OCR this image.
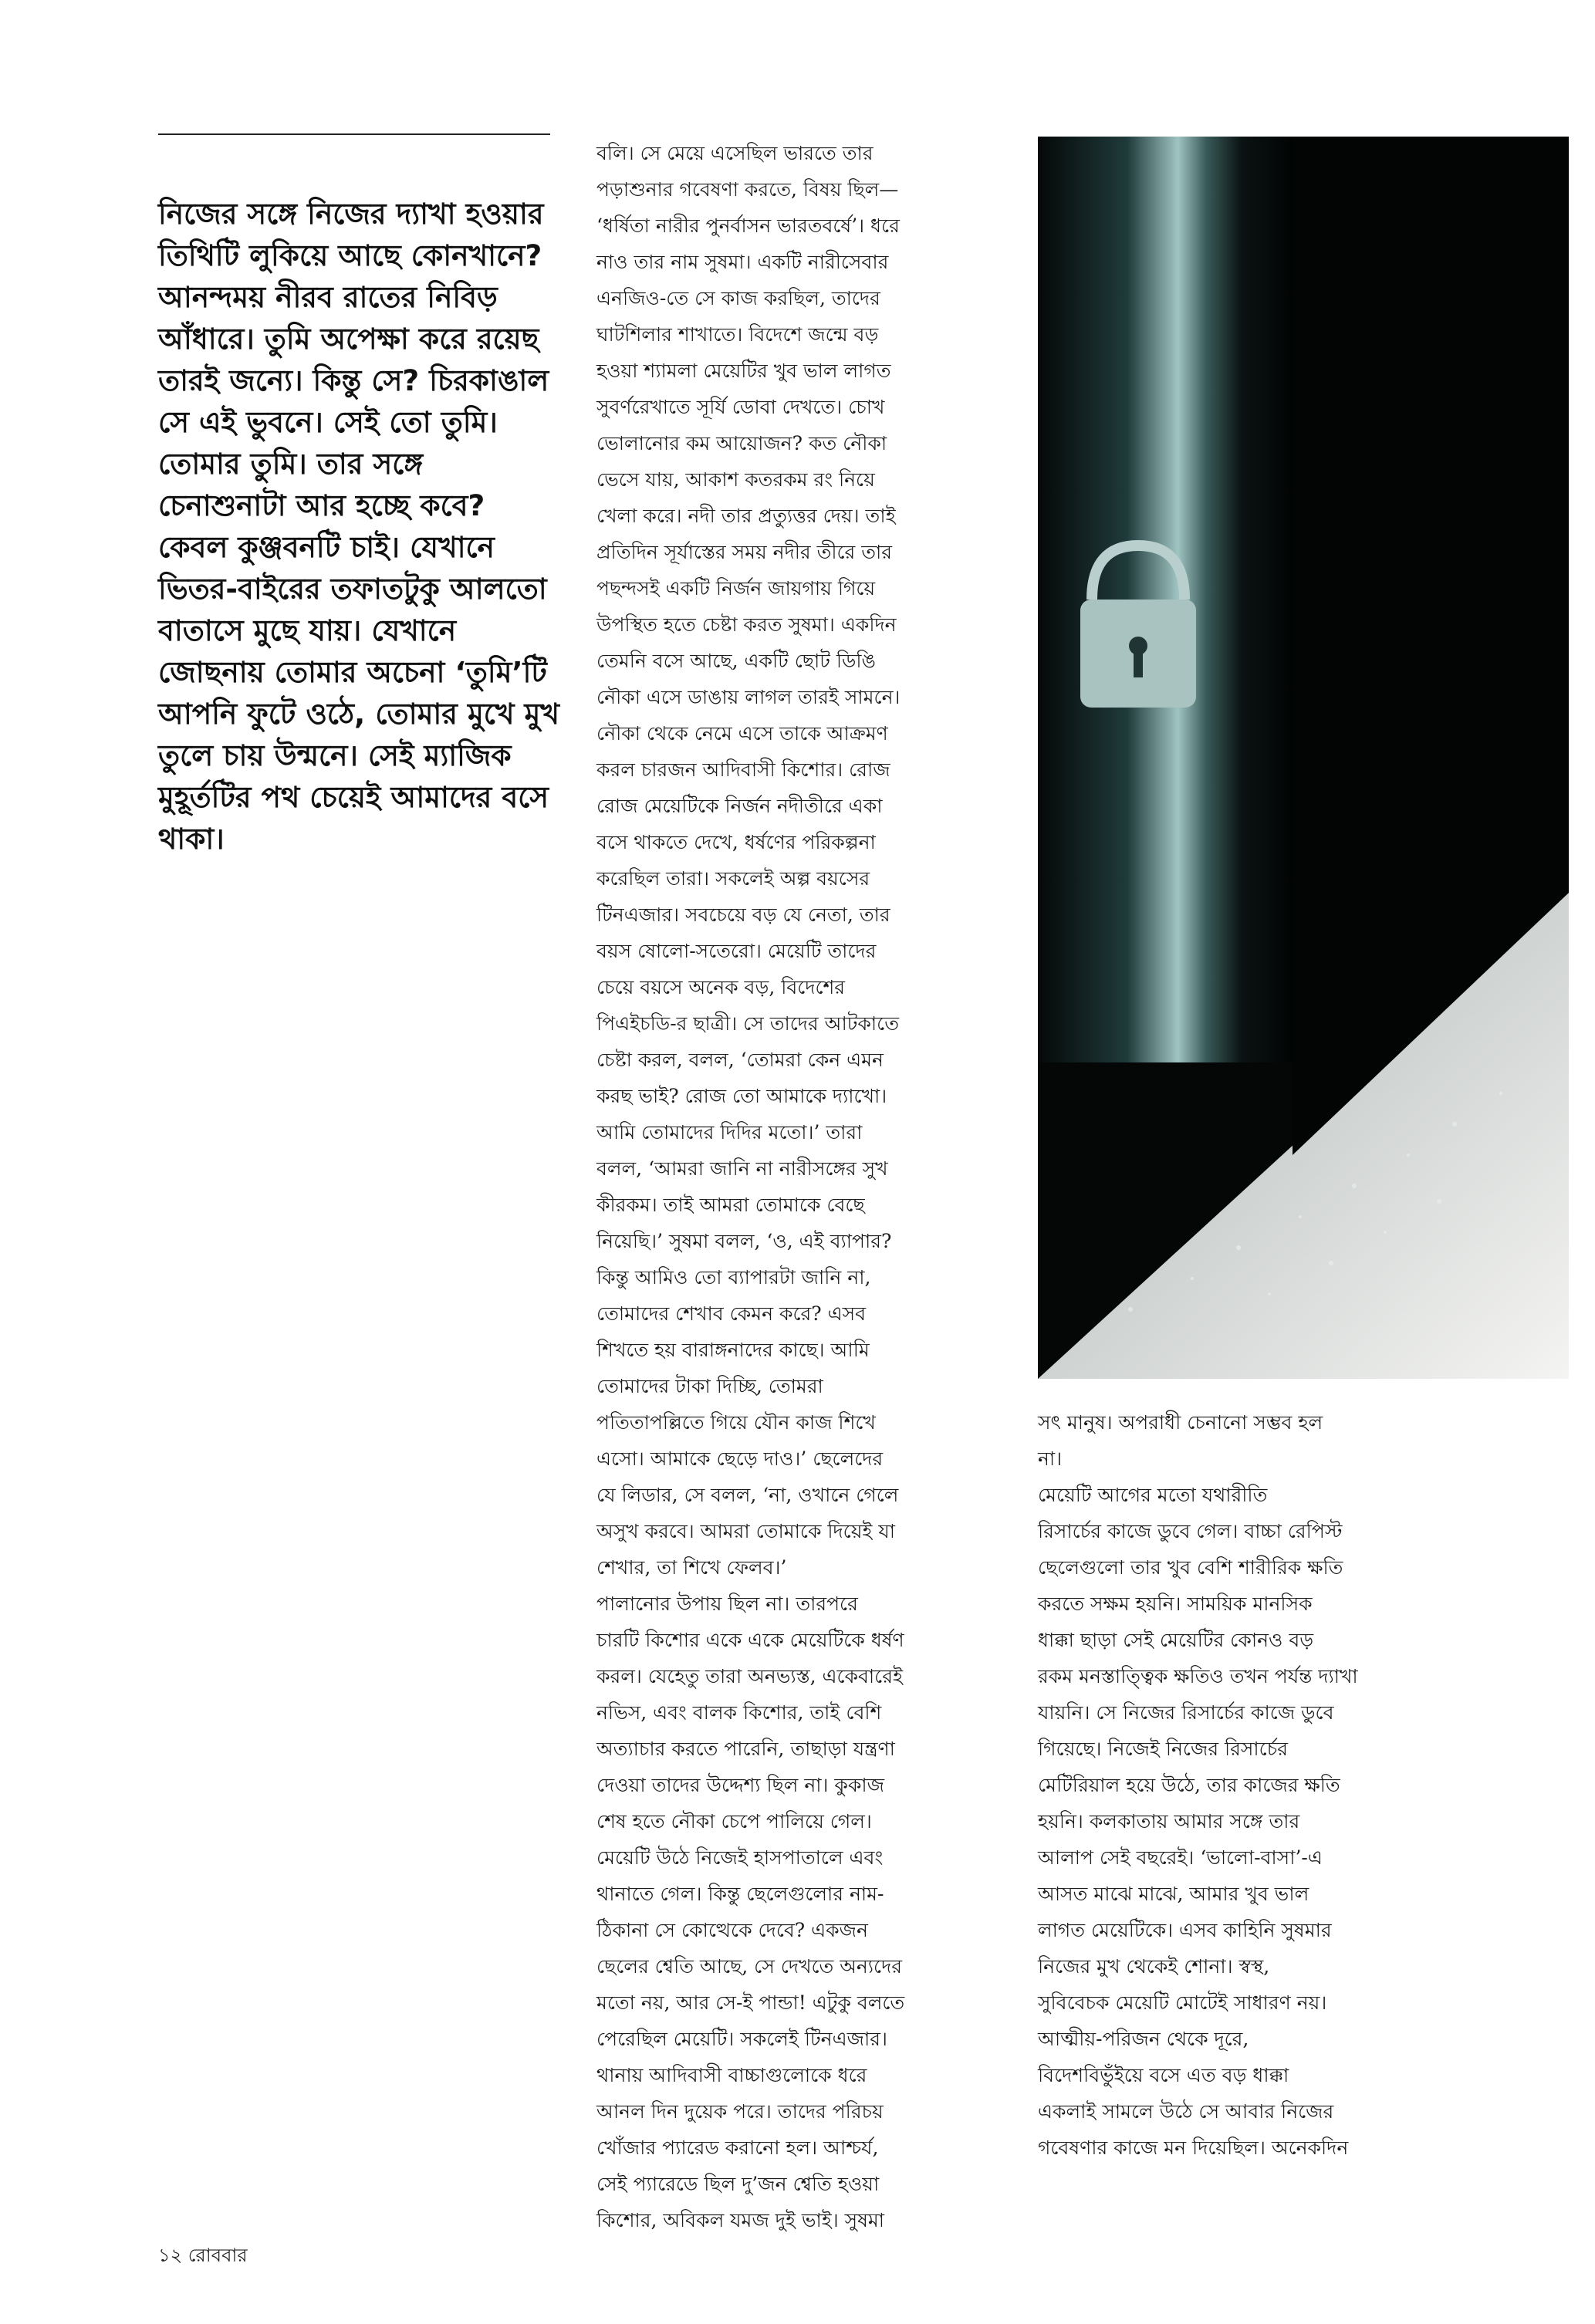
নিজের সঙ্গে নিজের দ্যাখা হওয়ার তিথিটি লুকিয়ে আছে কোনখানে? আনন্দময় নীরব রাতের নিবিড় আঁধারে। তুমি অপেক্ষা করে রয়েছ তারই জন্যে। কিন্তু সে? চিরকাঙাল সে এই ভুবনে। সেই তো তুমি। তোমার তুমি। তার সঙ্গে চেনাশুনাটা আর হচ্ছে কবে? কেবল কুঞ্জবনটি চাই। যেখানে ভিতর-বাইরের তফাতটুকু আলতো বাতাসে মুছে যায়। যেখানে জোছনায় তোমার অচেনা ‘তুমি’টি আপনি ফুটে ওঠে, তোমার মুখে মুখ তুলে চায় উন্মনে। সেই ম্যাজিক মুহূর্তটির পথ চেয়েই আমাদের বসে থাকা।
বলি। সে মেয়ে এসেছিল ভারতে তার
পড়াশুনার গবেষণা করতে, বিষয় ছিল—
‘ধর্ষিতা নারীর পুনর্বাসন ভারতবর্ষে’। ধরে
নাও তার নাম সুষমা। একটি নারীসেবার
এনজিও-তে সে কাজ করছিল, তাদের
ঘাটশিলার শাখাতে। বিদেশে জন্মে বড়
হওয়া শ্যামলা মেয়েটির খুব ভাল লাগত
সুবর্ণরেখাতে সূর্যি ডোবা দেখতে। চোখ
ভোলানোর কম আয়োজন? কত নৌকা
ভেসে যায়, আকাশ কতরকম রং নিয়ে
খেলা করে। নদী তার প্রত্যুত্তর দেয়। তাই
প্রতিদিন সূর্যাস্তের সময় নদীর তীরে তার
পছন্দসই একটি নির্জন জায়গায় গিয়ে
উপস্থিত হতে চেষ্টা করত সুষমা। একদিন
তেমনি বসে আছে, একটি ছোট ডিঙি
নৌকা এসে ডাঙায় লাগল তারই সামনে।
নৌকা থেকে নেমে এসে তাকে আক্রমণ
করল চারজন আদিবাসী কিশোর। রোজ
রোজ মেয়েটিকে নির্জন নদীতীরে একা
বসে থাকতে দেখে, ধর্ষণের পরিকল্পনা
করেছিল তারা। সকলেই অল্প বয়সের
টিনএজার। সবচেয়ে বড় যে নেতা, তার
বয়স ষোলো-সতেরো। মেয়েটি তাদের
চেয়ে বয়সে অনেক বড়, বিদেশের
পিএইচডি-র ছাত্রী। সে তাদের আটকাতে
চেষ্টা করল, বলল, ‘তোমরা কেন এমন
করছ ভাই? রোজ তো আমাকে দ্যাখো।
আমি তোমাদের দিদির মতো।’ তারা
বলল, ‘আমরা জানি না নারীসঙ্গের সুখ
কীরকম। তাই আমরা তোমাকে বেছে
নিয়েছি।’ সুষমা বলল, ‘ও, এই ব্যাপার?
কিন্তু আমিও তো ব্যাপারটা জানি না,
তোমাদের শেখাব কেমন করে? এসব
শিখতে হয় বারাঙ্গনাদের কাছে। আমি
তোমাদের টাকা দিচ্ছি, তোমরা
পতিতাপল্লিতে গিয়ে যৌন কাজ শিখে
এসো। আমাকে ছেড়ে দাও।’ ছেলেদের
যে লিডার, সে বলল, ‘না, ওখানে গেলে
অসুখ করবে। আমরা তোমাকে দিয়েই যা
শেখার, তা শিখে ফেলব।’
পালানোর উপায় ছিল না। তারপরে
চারটি কিশোর একে একে মেয়েটিকে ধর্ষণ
করল। যেহেতু তারা অনভ্যস্ত, একেবারেই
নভিস, এবং বালক কিশোর, তাই বেশি
অত্যাচার করতে পারেনি, তাছাড়া যন্ত্রণা
দেওয়া তাদের উদ্দেশ্য ছিল না। কুকাজ
শেষ হতে নৌকা চেপে পালিয়ে গেল।
মেয়েটি উঠে নিজেই হাসপাতালে এবং
থানাতে গেল। কিন্তু ছেলেগুলোর নাম-
ঠিকানা সে কোত্থেকে দেবে? একজন
ছেলের শ্বেতি আছে, সে দেখতে অন্যদের
মতো নয়, আর সে-ই পান্ডা! এটুকু বলতে
পেরেছিল মেয়েটি। সকলেই টিনএজার।
থানায় আদিবাসী বাচ্চাগুলোকে ধরে
আনল দিন দুয়েক পরে। তাদের পরিচয়
খোঁজার প্যারেড করানো হল। আশ্চর্য,
সেই প্যারেডে ছিল দু’জন শ্বেতি হওয়া
কিশোর, অবিকল যমজ দুই ভাই। সুষমা
সৎ মানুষ। অপরাধী চেনানো সম্ভব হল
না।
মেয়েটি আগের মতো যথারীতি
রিসার্চের কাজে ডুবে গেল। বাচ্চা রেপিস্ট
ছেলেগুলো তার খুব বেশি শারীরিক ক্ষতি
করতে সক্ষম হয়নি। সাময়িক মানসিক
ধাক্কা ছাড়া সেই মেয়েটির কোনও বড়
রকম মনস্তাত্ত্বিক ক্ষতিও তখন পর্যন্ত দ্যাখা
যায়নি। সে নিজের রিসার্চের কাজে ডুবে
গিয়েছে। নিজেই নিজের রিসার্চের
মেটিরিয়াল হয়ে উঠে, তার কাজের ক্ষতি
হয়নি। কলকাতায় আমার সঙ্গে তার
আলাপ সেই বছরেই। ‘ভালো-বাসা’-এ
আসত মাঝে মাঝে, আমার খুব ভাল
লাগত মেয়েটিকে। এসব কাহিনি সুষমার
নিজের মুখ থেকেই শোনা। স্বস্থ,
সুবিবেচক মেয়েটি মোটেই সাধারণ নয়।
আত্মীয়-পরিজন থেকে দূরে,
বিদেশবিভুঁইয়ে বসে এত বড় ধাক্কা
একলাই সামলে উঠে সে আবার নিজের
গবেষণার কাজে মন দিয়েছিল। অনেকদিন
১২ রোববার
